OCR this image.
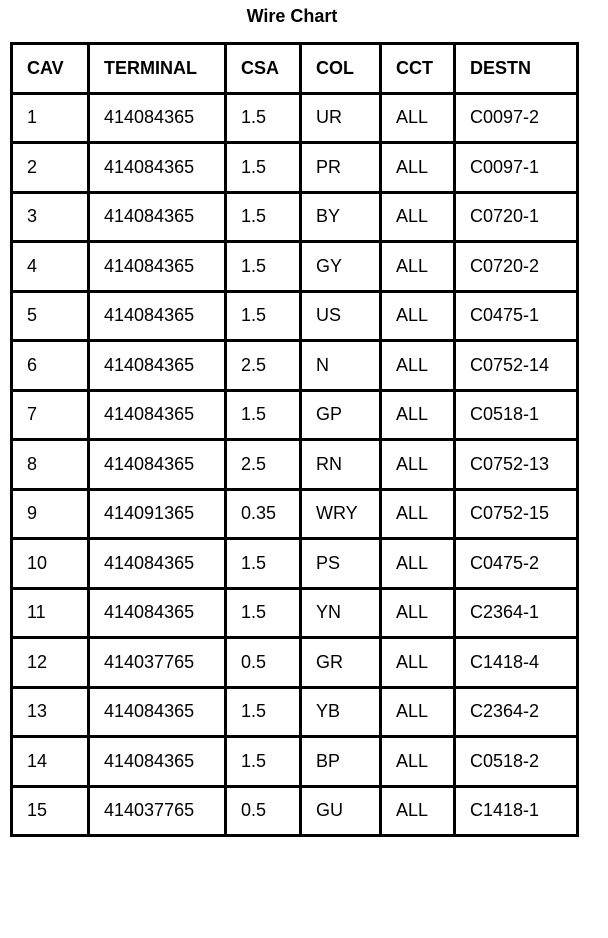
Wire Chart
CAV	TERMINAL	CSA	COL	CCT	DESTN
1	414084365	1.5	UR	ALL	C0097-2
2	414084365	1.5	PR	ALL	C0097-1
3	414084365	1.5	BY	ALL	C0720-1
4	414084365	1.5	GY	ALL	C0720-2
5	414084365	1.5	US	ALL	C0475-1
6	414084365	2.5	N	ALL	C0752-14
7	414084365	1.5	GP	ALL	C0518-1
8	414084365	2.5	RN	ALL	C0752-13
9	414091365	0.35	WRY	ALL	C0752-15
10	414084365	1.5	PS	ALL	C0475-2
11	414084365	1.5	YN	ALL	C2364-1
12	414037765	0.5	GR	ALL	C1418-4
13	414084365	1.5	YB	ALL	C2364-2
14	414084365	1.5	BP	ALL	C0518-2
15	414037765	0.5	GU	ALL	C1418-1
